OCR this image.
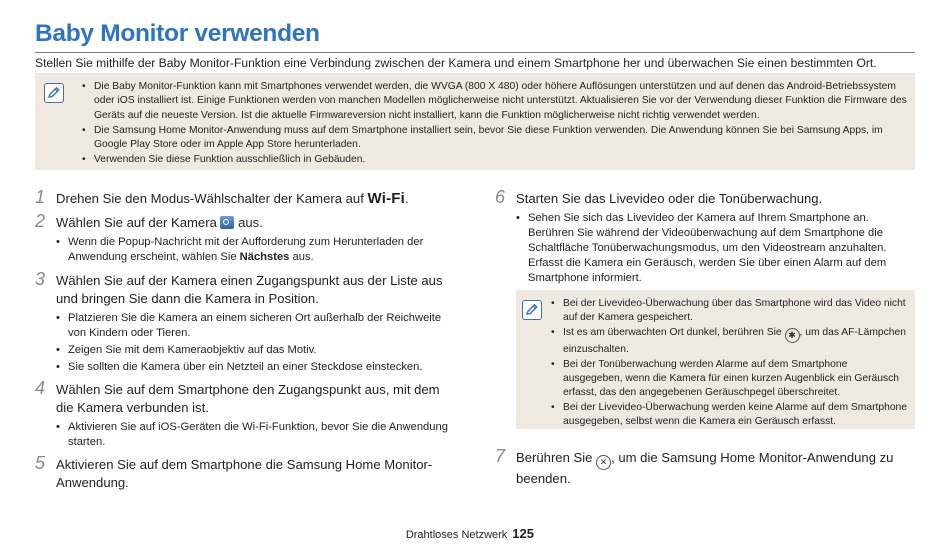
Baby Monitor verwenden
Stellen Sie mithilfe der Baby Monitor-Funktion eine Verbindung zwischen der Kamera und einem Smartphone her und überwachen Sie einen bestimmten Ort.
• Die Baby Monitor-Funktion kann mit Smartphones verwendet werden, die WVGA (800 X 480) oder höhere Auflösungen unterstützen und auf denen das Android-Betriebssystem oder iOS installiert ist. Einige Funktionen werden von manchen Modellen möglicherweise nicht unterstützt. Aktualisieren Sie vor der Verwendung dieser Funktion die Firmware des Geräts auf die neueste Version. Ist die aktuelle Firmwareversion nicht installiert, kann die Funktion möglicherweise nicht richtig verwendet werden.
• Die Samsung Home Monitor-Anwendung muss auf dem Smartphone installiert sein, bevor Sie diese Funktion verwenden. Die Anwendung können Sie bei Samsung Apps, im Google Play Store oder im Apple App Store herunterladen.
• Verwenden Sie diese Funktion ausschließlich in Gebäuden.
1 Drehen Sie den Modus-Wählschalter der Kamera auf Wi-Fi.
2 Wählen Sie auf der Kamera  aus.
• Wenn die Popup-Nachricht mit der Aufforderung zum Herunterladen der Anwendung erscheint, wählen Sie Nächstes aus.
3 Wählen Sie auf der Kamera einen Zugangspunkt aus der Liste aus und bringen Sie dann die Kamera in Position.
• Platzieren Sie die Kamera an einem sicheren Ort außerhalb der Reichweite von Kindern oder Tieren.
• Zeigen Sie mit dem Kameraobjektiv auf das Motiv.
• Sie sollten die Kamera über ein Netzteil an einer Steckdose einstecken.
4 Wählen Sie auf dem Smartphone den Zugangspunkt aus, mit dem die Kamera verbunden ist.
• Aktivieren Sie auf iOS-Geräten die Wi-Fi-Funktion, bevor Sie die Anwendung starten.
5 Aktivieren Sie auf dem Smartphone die Samsung Home Monitor-Anwendung.
6 Starten Sie das Livevideo oder die Tonüberwachung.
• Sehen Sie sich das Livevideo der Kamera auf Ihrem Smartphone an. Berühren Sie während der Videoüberwachung auf dem Smartphone die Schaltfläche Tonüberwachungsmodus, um den Videostream anzuhalten. Erfasst die Kamera ein Geräusch, werden Sie über einen Alarm auf dem Smartphone informiert.
• Bei der Livevideo-Überwachung über das Smartphone wird das Video nicht auf der Kamera gespeichert.
• Ist es am überwachten Ort dunkel, berühren Sie ✱ , um das AF-Lämpchen einzuschalten.
• Bei der Tonüberwachung werden Alarme auf dem Smartphone ausgegeben, wenn die Kamera für einen kurzen Augenblick ein Geräusch erfasst, das den angegebenen Geräuschpegel überschreitet.
• Bei der Livevideo-Überwachung werden keine Alarme auf dem Smartphone ausgegeben, selbst wenn die Kamera ein Geräusch erfasst.
7 Berühren Sie ✕ , um die Samsung Home Monitor-Anwendung zu beenden.
Drahtloses Netzwerk 125
